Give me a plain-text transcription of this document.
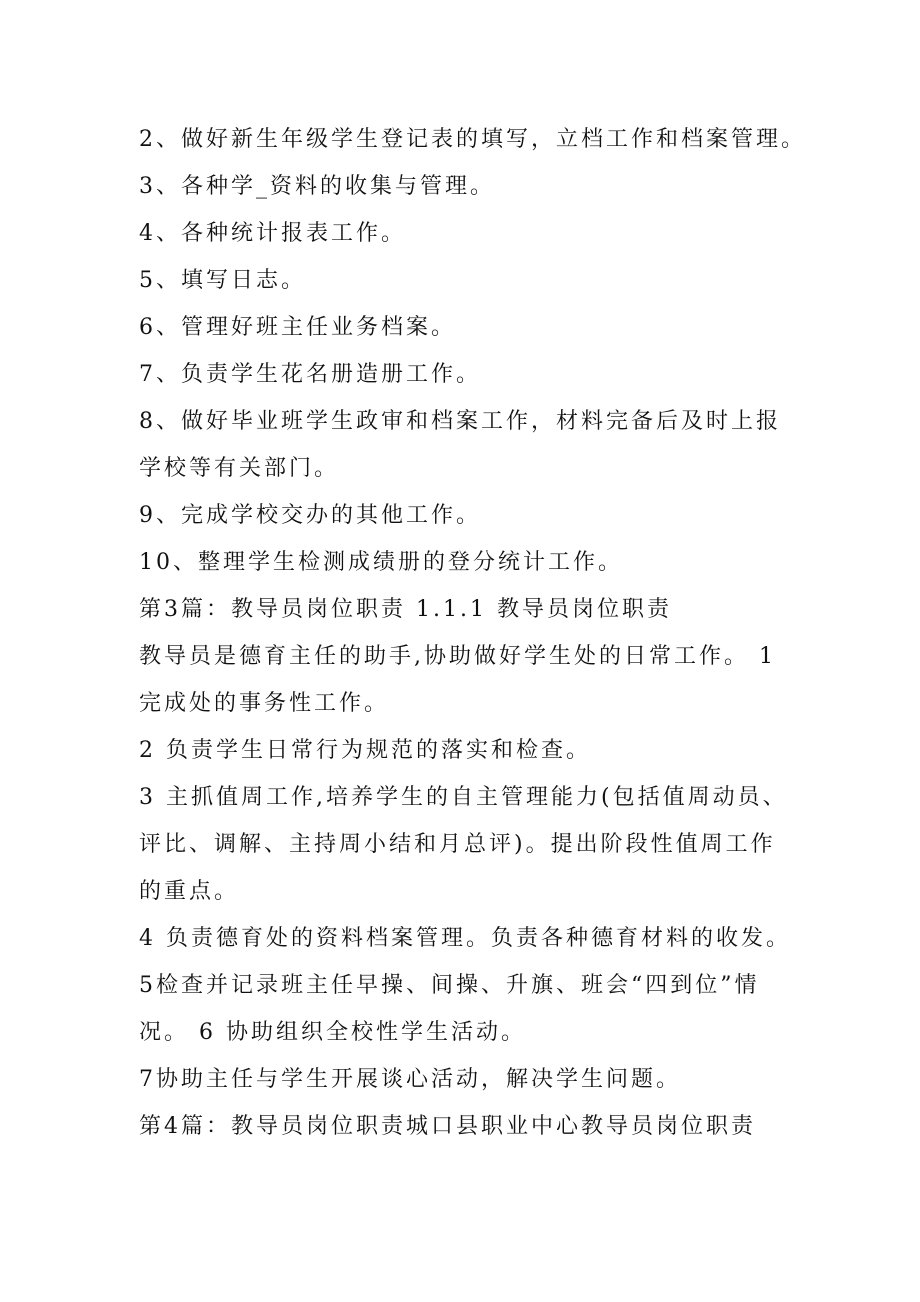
2、做好新生年级学生登记表的填写，立档工作和档案管理。
3、各种学_资料的收集与管理。
4、各种统计报表工作。
5、填写日志。
6、管理好班主任业务档案。
7、负责学生花名册造册工作。
8、做好毕业班学生政审和档案工作，材料完备后及时上报
学校等有关部门。
9、完成学校交办的其他工作。
10、整理学生检测成绩册的登分统计工作。
第3篇：教导员岗位职责 1.1.1 教导员岗位职责
教导员是德育主任的助手,协助做好学生处的日常工作。 1
完成处的事务性工作。
2 负责学生日常行为规范的落实和检查。
3 主抓值周工作,培养学生的自主管理能力(包括值周动员、
评比、调解、主持周小结和月总评)。提出阶段性值周工作
的重点。
4 负责德育处的资料档案管理。负责各种德育材料的收发。
5检查并记录班主任早操、间操、升旗、班会“四到位”情
况。 6 协助组织全校性学生活动。
7协助主任与学生开展谈心活动，解决学生问题。
第4篇：教导员岗位职责城口县职业中心教导员岗位职责
